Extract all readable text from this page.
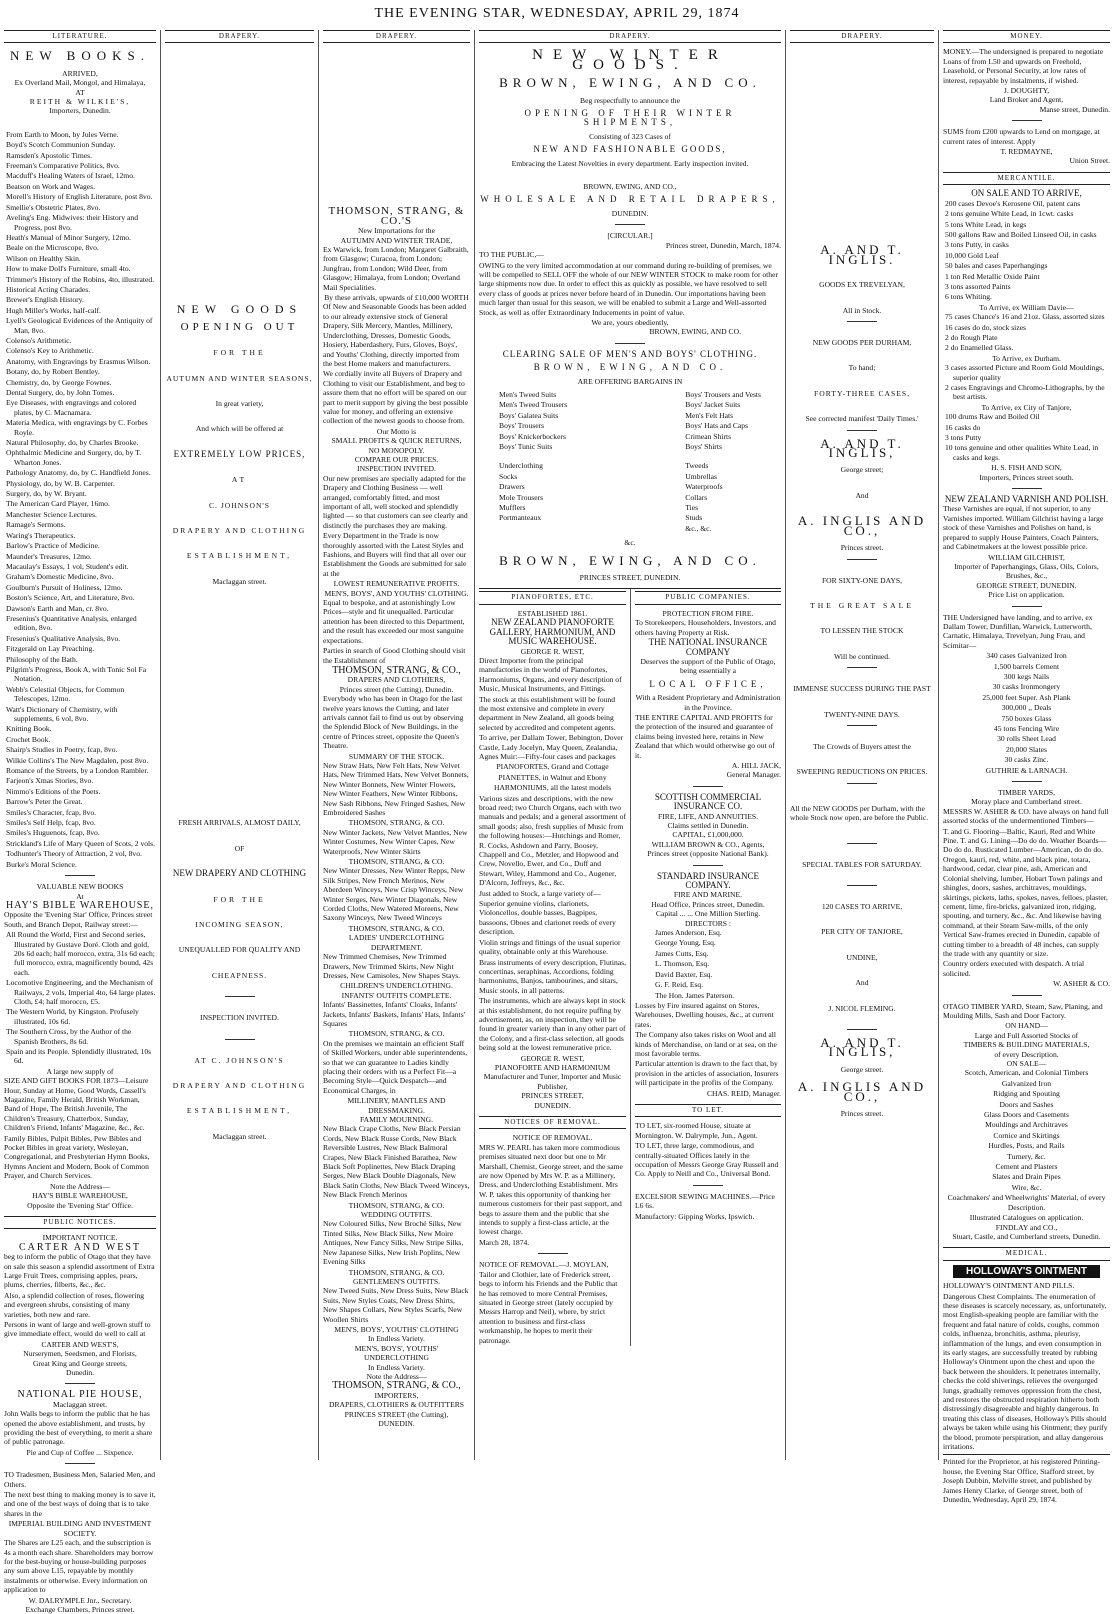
THE EVENING STAR, WEDNESDAY, APRIL 29, 1874
LITERATURE.
NEW BOOKS.
ARRIVED,
Ex Overland Mail, Mongol, and Himalaya,
AT
REITH & WILKIE'S,
Importers, Dunedin.

From Earth to Moon, by Jules Verne.

Boyd's Scotch Communion Sunday.

Ramsden's Apostolic Times.

Freeman's Comparative Politics, 8vo.

Macduff's Healing Waters of Israel, 12mo.

Beatson on Work and Wages.

Morell's History of English Literature, post 8vo.

Smellie's Obstetric Plates, 8vo.

Aveling's Eng. Midwives: their History and Progress, post 8vo.

Heath's Manual of Minor Surgery, 12mo.

Beale on the Microscope, 8vo.

Wilson on Healthy Skin.

How to make Doll's Furniture, small 4to.

Trimmer's History of the Robins, 4to, illustrated.

Historical Acting Charades.

Brewer's English History.

Hugh Miller's Works, half-calf.

Lyell's Geological Evidences of the Antiquity of Man, 8vo.

Colenso's Arithmetic.

Colenso's Key to Arithmetic.

Anatomy, with Engravings by Erasmus Wilson.

Botany, do, by Robert Bentley.

Chemistry, do, by George Fownes.

Dental Surgery, do, by John Tomes.

Eye Diseases, with engravings and colored plates, by C. Macnamara.

Materia Medica, with engravings by C. Forbes Royle.

Natural Philosophy, do, by Charles Brooke.

Ophthalmic Medicine and Surgery, do, by T. Wharton Jones.

Pathology Anatomy, do, by C. Handfield Jones.

Physiology, do, by W. B. Carpenter.

Surgery, do, by W. Bryant.

The American Card Player, 16mo.

Manchester Science Lectures.

Ramage's Sermons.

Waring's Therapeutics.

Barlow's Practice of Medicine.

Maunder's Treasures, 12mo.

Macaulay's Essays, 1 vol, Student's edit.

Graham's Domestic Medicine, 8vo.

Goulburn's Pursuit of Holiness, 12mo.

Boston's Science, Art, and Literature, 8vo.

Dawson's Earth and Man, cr. 8vo.

Fresenius's Quantitative Analysis, enlarged edition, 8vo.

Fresenius's Qualitative Analysis, 8vo.

Fitzgerald on Lay Preaching.

Philosophy of the Bath.

Pilgrim's Progress, Book A, with Tonic Sol Fa Notation.

Webb's Celestial Objects, for Common Telescopes, 12mo.

Watt's Dictionary of Chemistry, with supplements, 6 vol, 8vo.

Knitting Book.

Crochet Book.

Shairp's Studies in Poetry, fcap, 8vo.

Wilkie Collins's The New Magdalen, post 8vo.

Romance of the Streets, by a London Rambler.

Farjeon's Xmas Stories, 8vo.

Nimmo's Editions of the Poets.

Barrow's Peter the Great.

Smiles's Character, fcap, 8vo.

Smiles's Self Help, fcap, 8vo.

Smiles's Huguenots, fcap, 8vo.

Strickland's Life of Mary Queen of Scots, 2 vols.

Todhunter's Theory of Attraction, 2 vol, 8vo.

Burke's Moral Science.

VALUABLE NEW BOOKS
At
HAY'S BIBLE WAREHOUSE,

Opposite the 'Evening Star' Office, Princes street South, and Branch Depot, Railway street:—

All Round the World, First and Second series, Illustrated by Gustave Doré. Cloth and gold, 20s 6d each; half morocco, extra, 31s 6d each; full morocco, extra, magnificently bound, 42s each.

Locomotive Engineering, and the Mechanism of Railways, 2 vols, Imperial 4to, 64 large plates. Cloth, £4; half morocco, £5.

The Western World, by Kingston. Profusely illustrated, 10s 6d.

The Southern Cross, by the Author of the Spanish Brothers, 8s 6d.

Spain and its People. Splendidly illustrated, 10s 6d.

A large new supply of

SIZE AND GIFT BOOKS FOR 1873—Leisure Hour, Sunday at Home, Good Words, Cassell's Magazine, Family Herald, British Workman, Band of Hope, The British Juvenile, The Children's Treasury, Chatterbox, Sunday, Children's Friend, Infants' Magazine, &c., &c.

Family Bibles, Pulpit Bibles, Pew Bibles and Pocket Bibles in great variety, Wesleyan, Congregational, and Presbyterian Hymn Books, Hymns Ancient and Modern, Book of Common Prayer, and Church Services.

Note the Address—
HAY'S BIBLE WAREHOUSE,
Opposite the 'Evening Star' Office.
PUBLIC NOTICES.
IMPORTANT NOTICE.
CARTER AND WEST

beg to inform the public of Otago that they have on sale this season a splendid assortment of Extra Large Fruit Trees, comprising apples, pears, plums, cherries, filberts, &c., &c.

Also, a splendid collection of roses, flowering and evergreen shrubs, consisting of many varieties, both new and rare.

Persons in want of large and well-grown stuff to give immediate effect, would do well to call at

CARTER AND WEST'S,
Nurserymen, Seedsmen, and Florists,
Great King and George streets,
Dunedin.
NATIONAL PIE HOUSE,
Maclaggan street.

John Walls begs to inform the public that he has opened the above establishment, and trusts, by providing the best of everything, to merit a share of public patronage.

Pie and Cup of Coffee ... Sixpence.

TO Tradesmen, Business Men, Salaried Men, and Others.

The next best thing to making money is to save it, and one of the best ways of doing that is to take shares in the

IMPERIAL BUILDING AND INVESTMENT SOCIETY.

The Shares are L25 each, and the subscription is 4s a month each share. Shareholders may borrow for the best-buying or house-building purposes any sum above L15, repayable by monthly instalments or otherwise. Every information on application to

W. DALRYMPLE Jnr., Secretary.
Exchange Chambers, Princes street.
DRAPERY.
NEW GOODS
OPENING OUT
FOR THE
AUTUMN AND WINTER SEASONS,
In great variety,
And which will be offered at
EXTREMELY LOW PRICES,
AT
C. JOHNSON'S
DRAPERY AND CLOTHING
ESTABLISHMENT,
Maclaggan street.
FRESH ARRIVALS, ALMOST DAILY,
OF
NEW DRAPERY AND CLOTHING
FOR THE
INCOMING SEASON,
UNEQUALLED FOR QUALITY AND
CHEAPNESS.
INSPECTION INVITED.
AT C. JOHNSON'S
DRAPERY AND CLOTHING
ESTABLISHMENT,
Maclaggan street.
DRAPERY.
THOMSON, STRANG, & CO.'S
New Importations for the
AUTUMN AND WINTER TRADE,

Ex Warwick, from London; Margaret Galbraith, from Glasgow; Curacoa, from London; Jungfrau, from London; Wild Deer, from Glasgow; Himalaya, from London; Overland Mail Specialities.

By these arrivals, upwards of £10,000 WORTH

Of New and Seasonable Goods has been added to our already extensive stock of General Drapery, Silk Mercery, Mantles, Millinery, Underclothing, Dresses, Domestic Goods, Hosiery, Haberdashery, Furs, Gloves, Boys', and Youths' Clothing, directly imported from the best Home makers and manufacturers.

We cordially invite all Buyers of Drapery and Clothing to visit our Establishment, and beg to assure them that no effort will be spared on our part to merit support by giving the best possible value for money, and offering an extensive collection of the newest goods to choose from.

Our Motto is
SMALL PROFITS & QUICK RETURNS,
NO MONOPOLY.
COMPARE OUR PRICES.
INSPECTION INVITED.

Our new premises are specially adapted for the Drapery and Clothing Business — well arranged, comfortably fitted, and most important of all, well stocked and splendidly lighted — so that customers can see clearly and distinctly the purchases they are making.

Every Department in the Trade is now thoroughly assorted with the Latest Styles and Fashions, and Buyers will find that all over our Establishment the Goods are submitted for sale at the

LOWEST REMUNERATIVE PROFITS.
MEN'S, BOYS', AND YOUTHS' CLOTHING.

Equal to bespoke, and at astonishingly Low Prices—style and fit unequalled. Particular attention has been directed to this Department, and the result has exceeded our most sanguine expectations.

Parties in search of Good Clothing should visit the Establishment of

THOMSON, STRANG, & CO.,
DRAPERS AND CLOTHIERS,
Princes street (the Cutting), Dunedin.

Everybody who has been in Otago for the last twelve years knows the Cutting, and later arrivals cannot fail to find us out by observing the Splendid Block of New Buildings, in the centre of Princes street, opposite the Queen's Theatre.

SUMMARY OF THE STOCK.

New Straw Hats, New Felt Hats, New Velvet Hats, New Trimmed Hats, New Velvet Bonnets, New Winter Bonnets, New Winter Flowers, New Winter Feathers, New Winter Ribbons, New Sash Ribbons, New Fringed Sashes, New Embroidered Sashes

THOMSON, STRANG, & CO.

New Winter Jackets, New Velvet Mantles, New Winter Costumes, New Winter Capes, New Waterproofs, New Winter Skirts

THOMSON, STRANG, & CO.

New Winter Dresses, New Winter Repps, New Silk Stripes, New French Merinos, New Aberdeen Winceys, New Crisp Winceys, New Winter Serges, New Winter Diagonals, New Corded Cloths, New Watered Moreens, New Saxony Winceys, New Tweed Winceys

THOMSON, STRANG, & CO.
LADIES' UNDERCLOTHING DEPARTMENT.

New Trimmed Chemises, New Trimmed Drawers, New Trimmed Skirts, New Night Dresses, New Camisoles, New Shapes Stays.

CHILDREN'S UNDERCLOTHING.
INFANTS' OUTFITS COMPLETE.

Infants' Bassinettes, Infants' Cloaks, Infants' Jackets, Infants' Baskets, Infants' Hats, Infants' Squares

THOMSON, STRANG, & CO.

On the premises we maintain an efficient Staff of Skilled Workers, under able superintendents, so that we can guarantee to Ladies kindly placing their orders with us a Perfect Fit—a Becoming Style—Quick Despatch—and Economical Charges, in

MILLINERY, MANTLES AND DRESSMAKING.
FAMILY MOURNING.

New Black Crape Cloths, New Black Persian Cords, New Black Russe Cords, New Black Reversible Lustres, New Black Balmoral Crapes, New Black Finished Barathea, New Black Soft Poplinettes, New Black Draping Serges, New Black Double Diagonals, New Black Satin Cloths, New Black Tweed Winceys, New Black French Merinos

THOMSON, STRANG, & CO.
WEDDING OUTFITS.

New Coloured Silks, New Broché Silks, New Tinted Silks, New Black Silks, New Moire Antiques, New Fancy Silks, New Stripe Silks, New Japanese Silks, New Irish Poplins, New Evening Silks

THOMSON, STRANG, & CO.
GENTLEMEN'S OUTFITS.

New Tweed Suits, New Dress Suits, New Black Suits, New Styles Coats, New Dress Shirts, New Shapes Collars, New Styles Scarfs, New Woollen Shirts

MEN'S, BOYS', YOUTHS' CLOTHING
In Endless Variety.
MEN'S, BOYS', YOUTHS' UNDERCLOTHING
In Endless Variety.
Note the Address—
THOMSON, STRANG, & CO.,
IMPORTERS,
DRAPERS, CLOTHIERS & OUTFITTERS
PRINCES STREET (the Cutting),
DUNEDIN.
DRAPERY.
NEW WINTER GOODS.
BROWN, EWING, AND CO.
Beg respectfully to announce the
OPENING OF THEIR WINTER SHIPMENTS,
Consisting of 323 Cases of
NEW AND FASHIONABLE GOODS,
Embracing the Latest Novelties in every department. Early inspection invited.
BROWN, EWING, AND CO.,
WHOLESALE AND RETAIL DRAPERS,
DUNEDIN.
[CIRCULAR.]
Princes street, Dunedin, March, 1874.

TO THE PUBLIC,—

OWING to the very limited accommodation at our command during re-building of premises, we will be compelled to SELL OFF the whole of our NEW WINTER STOCK to make room for other large shipments now due. In order to effect this as quickly as possible, we have resolved to sell every class of goods at prices never before heard of in Dunedin. Our importations having been much larger than usual for this season, we will be enabled to submit a Large and Well-assorted Stock, as well as offer Extraordinary Inducements in point of value.

We are, yours obediently,
BROWN, EWING, AND CO.
CLEARING SALE OF MEN'S AND BOYS' CLOTHING.
BROWN, EWING, AND CO.
ARE OFFERING BARGAINS IN

Men's Tweed Suits

Men's Tweed Trousers

Boys' Galatea Suits

Boys' Trousers

Boys' Knickerbockers

Boys' Tunic Suits

Underclothing

Socks

Drawers

Mole Trousers

Mufflers

Portmanteaux

Boys' Trousers and Vests

Boys' Jacket Suits

Men's Felt Hats

Boys' Hats and Caps

Crimean Shirts

Boys' Shirts

Tweeds

Umbrellas

Waterproofs

Collars

Ties

Studs

&c., &c.

&c.
BROWN, EWING, AND CO.
PRINCES STREET, DUNEDIN.
PIANOFORTES, ETC.
ESTABLISHED 1861.
NEW ZEALAND PIANOFORTE GALLERY, HARMONIUM, AND MUSIC WAREHOUSE.
GEORGE R. WEST,

Direct Importer from the principal manufactories in the world of Pianofortes, Harmoniums, Organs, and every description of Music, Musical Instruments, and Fittings.

The stock at this establishment will be found the most extensive and complete in every department in New Zealand, all goods being selected by accredited and competent agents.

To arrive, per Dallam Tower, Bebington, Dover Castle, Lady Jocelyn, May Queen, Zealandia, Agnes Muir:—Fifty-four cases and packages

PIANOFORTES, Grand and Cottage

PIANETTES, in Walnut and Ebony

HARMONIUMS, all the latest models

Various sizes and descriptions, with the new broad reed; two Church Organs, each with two manuals and pedals; and a general assortment of small goods; also, fresh supplies of Music from the following houses:—Hutchings and Romer, R. Cocks, Ashdown and Parry, Boosey, Chappell and Co., Metzler, and Hopwood and Crew, Novello, Ewer, and Co., Duff and Stewart, Wiley, Hammond and Co., Augener, D'Alcorn, Jeffreys, &c., &c.

Just added to Stock, a large variety of—

Superior genuine violins, clarionets, Violoncellos, double basses, Bagpipes, bassoons, Oboes and clarionet reeds of every description.

Violin strings and fittings of the usual superior quality, obtainable only at this Warehouse.

Brass instruments of every description, Flutinas, concertinas, seraphinas, Accordions, folding harmoniums, Banjos, tambourines, and sitars, Music stools, in all patterns.

The instruments, which are always kept in stock at this establishment, do not require puffing by advertisement, as, on inspection, they will be found in greater variety than in any other part of the Colony, and a first-class selection, all goods being sold at the lowest remunerative price.

GEORGE R. WEST,
PIANOFORTE AND HARMONIUM
Manufacturer and Tuner, Importer and Music Publisher,
PRINCES STREET,
DUNEDIN.
NOTICES OF REMOVAL.
NOTICE OF REMOVAL.

MRS W. PEARL has taken more commodious premises situated next door but one to Mr Marshall, Chemist, George street, and the same are now Opened by Mrs W. P. as a Millinery, Dress, and Underclothing Establishment. Mrs W. P. takes this opportunity of thanking her numerous customers for their past support, and begs to assure them and the public that she intends to supply a first-class article, at the lowest charge.

March 28, 1874.

NOTICE OF REMOVAL.—J. MOYLAN, Tailor and Clothier, late of Frederick street, begs to inform his Friends and the Public that he has removed to more Central Premises, situated in George street (lately occupied by Messrs Harrop and Neil), where, by strict attention to business and first-class workmanship, he hopes to merit their patronage.

PUBLIC COMPANIES.
PROTECTION FROM FIRE.

To Storekeepers, Householders, Investors, and others having Property at Risk.

THE NATIONAL INSURANCE COMPANY

Deserves the support of the Public of Otago, being essentially a

LOCAL OFFICE,

With a Resident Proprietary and Administration in the Province.

THE ENTIRE CAPITAL AND PROFITS for the protection of the insured and guarantee of claims being invested here, retains in New Zealand that which would otherwise go out of it.

A. HILL JACK,
General Manager.
SCOTTISH COMMERCIAL INSURANCE CO.
FIRE, LIFE, AND ANNUITIES.
Claims settled in Dunedin.
CAPITAL, £1,000,000.
WILLIAM BROWN & CO., Agents,
Princes street (opposite National Bank).
STANDARD INSURANCE COMPANY.
FIRE AND MARINE.
Head Office, Princes street, Dunedin.
Capital ... ... One Million Sterling.
DIRECTORS :

James Anderson, Esq.

George Young, Esq.

James Cutts, Esq.

L. Thomson, Esq.

David Baxter, Esq.

G. F. Reid, Esq.

The Hon. James Paterson.

Losses by Fire insured against on Stores, Warehouses, Dwelling houses, &c., at current rates.

The Company also takes risks on Wool and all kinds of Merchandise, on land or at sea, on the most favorable terms.

Particular attention is drawn to the fact that, by provision in the articles of association, Insurers will participate in the profits of the Company.

CHAS. REID, Manager.
TO LET.

TO LET, six-roomed House, situate at Mornington. W. Dalrymple, Jun., Agent.

TO LET, three large, commodious, and centrally-situated Offices lately in the occupation of Messrs George Gray Russell and Co. Apply to Neill and Co., Universal Bond.

EXCELSIOR SEWING MACHINES.—Price L6 6s.

Manufactory: Gipping Works, Ipswich.

DRAPERY.
A. AND T. INGLIS.
GOODS EX TREVELYAN,
All in Stock.
NEW GOODS PER DURHAM,
To hand;
FORTY-THREE CASES,
See corrected manifest 'Daily Times.'
A. AND T. INGLIS,
George street;
And
A. INGLIS AND CO.,
Princes street.
FOR SIXTY-ONE DAYS,
THE GREAT SALE
TO LESSEN THE STOCK
Will be continued.
IMMENSE SUCCESS DURING THE PAST
TWENTY-NINE DAYS.
The Crowds of Buyers attest the
SWEEPING REDUCTIONS ON PRICES.

All the NEW GOODS per Durham, with the whole Stock now open, are before the Public.

SPECIAL TABLES FOR SATURDAY.
120 CASES TO ARRIVE,
PER CITY OF TANJORE,
UNDINE,
And
J. NICOL FLEMING.
A. AND T. INGLIS,
George street.
A. INGLIS AND CO.,
Princes street.
MONEY.

MONEY.—The undersigned is prepared to negotiate Loans of from L50 and upwards on Freehold, Leasehold, or Personal Security, at low rates of interest, repayable by instalments, if wished.

J. DOUGHTY,
Land Broker and Agent,
Manse street, Dunedin.

SUMS from £200 upwards to Lend on mortgage, at current rates of interest. Apply

T. REDMAYNE,
Union Street.
MERCANTILE.
ON SALE AND TO ARRIVE,

200 cases Devoe's Kerosene Oil, patent cans

2 tons genuine White Lead, in 1cwt. casks

5 tons White Lead, in kegs

500 gallons Raw and Boiled Linseed Oil, in casks

3 tons Putty, in casks

10,000 Gold Leaf

50 bales and cases Paperhangings

1 ton Red Metallic Oxide Paint

3 tons assorted Paints

6 tons Whiting.

To Arrive, ex William Davie—

75 cases Chance's 16 and 21oz. Glass, assorted sizes

16 cases do do, stock sizes

2 do Rough Plate

2 do Enamelled Glass.

To Arrive, ex Durham.

3 cases assorted Picture and Room Gold Mouldings, superior quality

2 cases Engravings and Chromo-Lithographs, by the best artists.

To Arrive, ex City of Tanjore,

100 drums Raw and Boiled Oil

16 casks do

3 tons Putty

10 tons genuine and other qualities White Lead, in casks and kegs.

H. S. FISH AND SON,
Importers, Princes street south.
NEW ZEALAND VARNISH AND POLISH.

These Varnishes are equal, if not superior, to any Varnishes imported. William Gilchrist having a large stock of these Varnishes and Polishes on hand, is prepared to supply House Painters, Coach Painters, and Cabinetmakers at the lowest possible price.

WILLIAM GILCHRIST,
Importer of Paperhangings, Glass, Oils, Colors, Brushes, &c.,
GEORGE STREET, DUNEDIN.
Price List on application.

THE Undersigned have landing, and to arrive, ex Dallam Tower, Dunfillan, Warwick, Lutterworth, Carnatic, Himalaya, Trevelyan, Jung Frau, and Scimitar—

340 cases Galvanized Iron

1,500 barrels Cement

300 kegs Nails

30 casks Ironmongery

25,000 feet Super. Ash Plank

300,000 ,, Deals

750 boxes Glass

45 tons Fencing Wire

30 rolls Sheet Lead

20,000 Slates

30 casks Zinc.

GUTHRIE & LARNACH.
TIMBER YARDS,
Moray place and Cumberland street.

MESSRS W. ASHER & CO. have always on hand full assorted stocks of the undermentioned Timbers—

T. and G. Flooring—Baltic, Kauri, Red and White Pine. T. and G. Lining—Do do do. Weather Boards—Do do do. Rusticated Lumber—American, do do do. Oregon, kauri, red, white, and black pine, totara, hardwood, cedar, clear pine, ash, American and Colonial shelving, lumber, Hobart Town palings and shingles, doors, sashes, architraves, mouldings, skirtings, pickets, laths, spokes, naves, felloes, plaster, cement, lime, fire-bricks, galvanized iron, ridging, spouting, and turnery, &c., &c. And likewise having command, at their Steam Saw-mills, of the only Vertical Saw-frames erected in Dunedin, capable of cutting timber to a breadth of 48 inches, can supply the trade with any quantity or size.

Country orders executed with despatch. A trial solicited.

W. ASHER & CO.

OTAGO TIMBER YARD, Steam, Saw, Planing, and Moulding Mills, Sash and Door Factory.

ON HAND—
Large and Full Assorted Stocks of
TIMBERS & BUILDING MATERIALS,
of every Description.
ON SALE—

Scotch, American, and Colonial Timbers

Galvanized Iron

Ridging and Spouting

Doors and Sashes

Glass Doors and Casements

Mouldings and Architraves

Cornice and Skirtings

Hurdles, Posts, and Rails

Turnery, &c.

Cement and Plasters

Slates and Drain Pipes

Wire, &c.

Coachmakers' and Wheelwrights' Material, of every Description.

Illustrated Catalogues on application.
FINDLAY and CO.,
Stuart, Castle, and Cumberland streets, Dunedin.
MEDICAL.
HOLLOWAY'S OINTMENT

HOLLOWAY'S OINTMENT AND PILLS.

Dangerous Chest Complaints. The enumeration of these diseases is scarcely necessary, as, unfortunately, most English-speaking people are familiar with the frequent and fatal nature of colds, coughs, common colds, influenza, bronchitis, asthma, pleurisy, inflammation of the lungs, and even consumption in its early stages, are successfully treated by rubbing Holloway's Ointment upon the chest and upon the back between the shoulders. It penetrates internally, checks the cold shiverings, relieves the overgorged lungs, gradually removes oppression from the chest, and restores the obstructed respiration hitherto both distressingly disagreeable and highly dangerous. In treating this class of diseases, Holloway's Pills should always be taken while using his Ointment; they purify the blood, promote perspiration, and allay dangerous irritations.

Printed for the Proprietor, at his registered Printing-house, the Evening Star Office, Stafford street, by Joseph Dubbin, Melville street, and published by James Henry Clarke, of George street, both of Dunedin, Wednesday, April 29, 1874.
